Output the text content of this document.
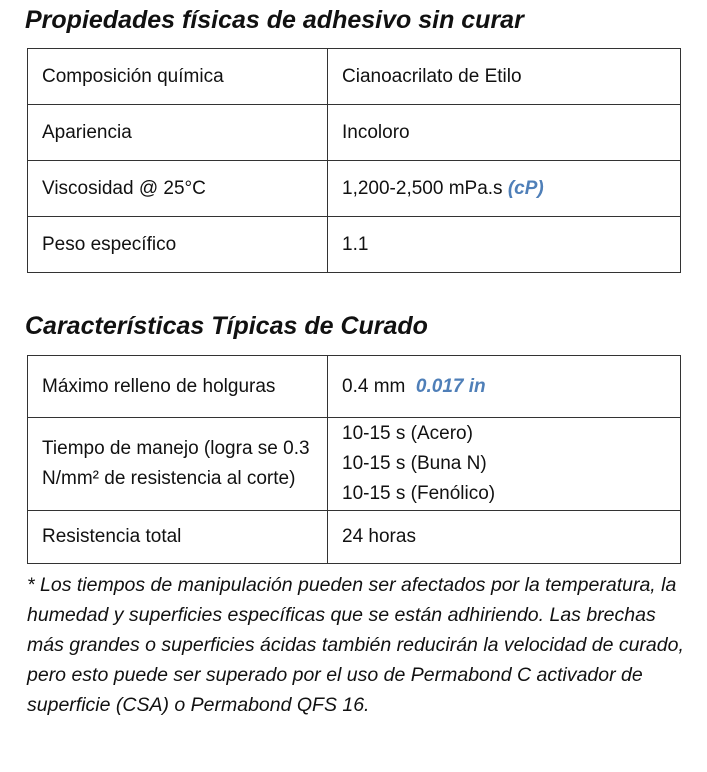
Propiedades físicas de adhesivo sin curar
Composición química	Cianoacrilato de Etilo
Apariencia	Incoloro
Viscosidad @ 25°C	1,200-2,500 mPa.s (cP)
Peso específico	1.1
Características Típicas de Curado
Máximo relleno de holguras	0.4 mm 0.017 in
Tiempo de manejo (logra se 0.3 N/mm² de resistencia al corte)	10-15 s (Acero)
10-15 s (Buna N)
10-15 s (Fenólico)

Resistencia total	24 horas

* Los tiempos de manipulación pueden ser afectados por la temperatura, la humedad y superficies específicas que se están adhiriendo. Las brechas más grandes o superficies ácidas también reducirán la velocidad de curado, pero esto puede ser superado por el uso de Permabond C activador de superficie (CSA) o Permabond QFS 16.
